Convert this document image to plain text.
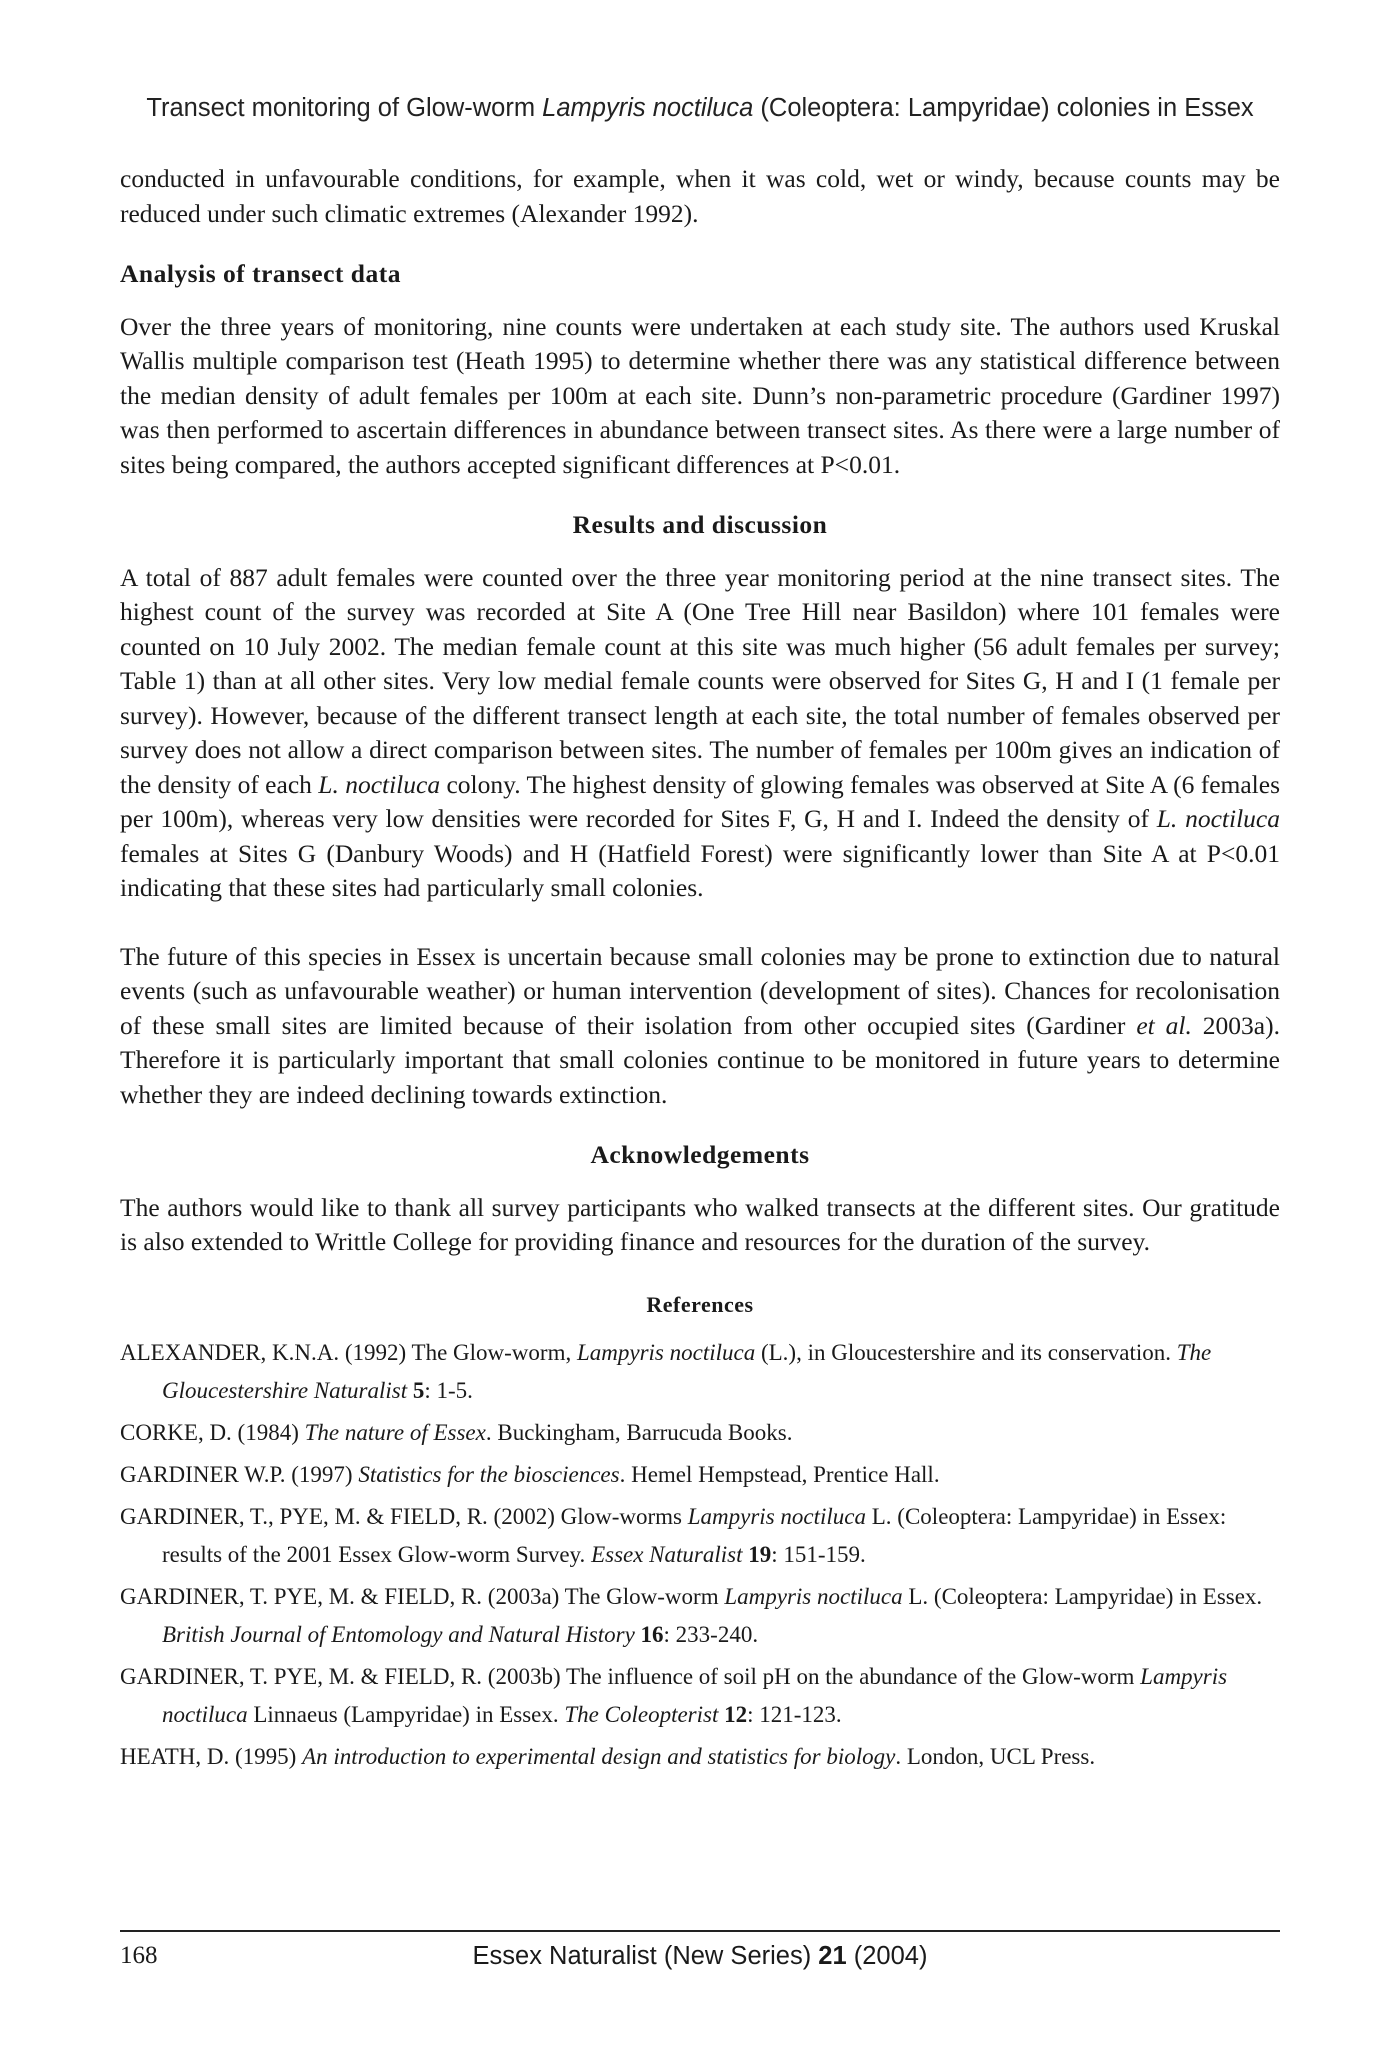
Transect monitoring of Glow-worm Lampyris noctiluca (Coleoptera: Lampyridae) colonies in Essex

conducted in unfavourable conditions, for example, when it was cold, wet or windy, because counts may be reduced under such climatic extremes (Alexander 1992).

Analysis of transect data

Over the three years of monitoring, nine counts were undertaken at each study site. The authors used Kruskal Wallis multiple comparison test (Heath 1995) to determine whether there was any statistical difference between the median density of adult females per 100m at each site. Dunn’s non-parametric procedure (Gardiner 1997) was then performed to ascertain differences in abundance between transect sites. As there were a large number of sites being compared, the authors accepted significant differences at P<0.01.

Results and discussion

A total of 887 adult females were counted over the three year monitoring period at the nine transect sites. The highest count of the survey was recorded at Site A (One Tree Hill near Basildon) where 101 females were counted on 10 July 2002. The median female count at this site was much higher (56 adult females per survey; Table 1) than at all other sites. Very low medial female counts were observed for Sites G, H and I (1 female per survey). However, because of the different transect length at each site, the total number of females observed per survey does not allow a direct comparison between sites. The number of females per 100m gives an indication of the density of each L. noctiluca colony. The highest density of glowing females was observed at Site A (6 females per 100m), whereas very low densities were recorded for Sites F, G, H and I. Indeed the density of L. noctiluca females at Sites G (Danbury Woods) and H (Hatfield Forest) were significantly lower than Site A at P<0.01 indicating that these sites had particularly small colonies.

The future of this species in Essex is uncertain because small colonies may be prone to extinction due to natural events (such as unfavourable weather) or human intervention (development of sites). Chances for recolonisation of these small sites are limited because of their isolation from other occupied sites (Gardiner et al. 2003a). Therefore it is particularly important that small colonies continue to be monitored in future years to determine whether they are indeed declining towards extinction.

Acknowledgements

The authors would like to thank all survey participants who walked transects at the different sites. Our gratitude is also extended to Writtle College for providing finance and resources for the duration of the survey.

References
ALEXANDER, K.N.A. (1992) The Glow-worm, Lampyris noctiluca (L.), in Gloucestershire and its conservation. The Gloucestershire Naturalist 5: 1-5.
CORKE, D. (1984) The nature of Essex. Buckingham, Barrucuda Books.
GARDINER W.P. (1997) Statistics for the biosciences. Hemel Hempstead, Prentice Hall.
GARDINER, T., PYE, M. & FIELD, R. (2002) Glow-worms Lampyris noctiluca L. (Coleoptera: Lampyridae) in Essex: results of the 2001 Essex Glow-worm Survey. Essex Naturalist 19: 151-159.
GARDINER, T. PYE, M. & FIELD, R. (2003a) The Glow-worm Lampyris noctiluca L. (Coleoptera: Lampyridae) in Essex. British Journal of Entomology and Natural History 16: 233-240.
GARDINER, T. PYE, M. & FIELD, R. (2003b) The influence of soil pH on the abundance of the Glow-worm Lampyris noctiluca Linnaeus (Lampyridae) in Essex. The Coleopterist 12: 121-123.
HEATH, D. (1995) An introduction to experimental design and statistics for biology. London, UCL Press.
168	Essex Naturalist (New Series) 21 (2004)
